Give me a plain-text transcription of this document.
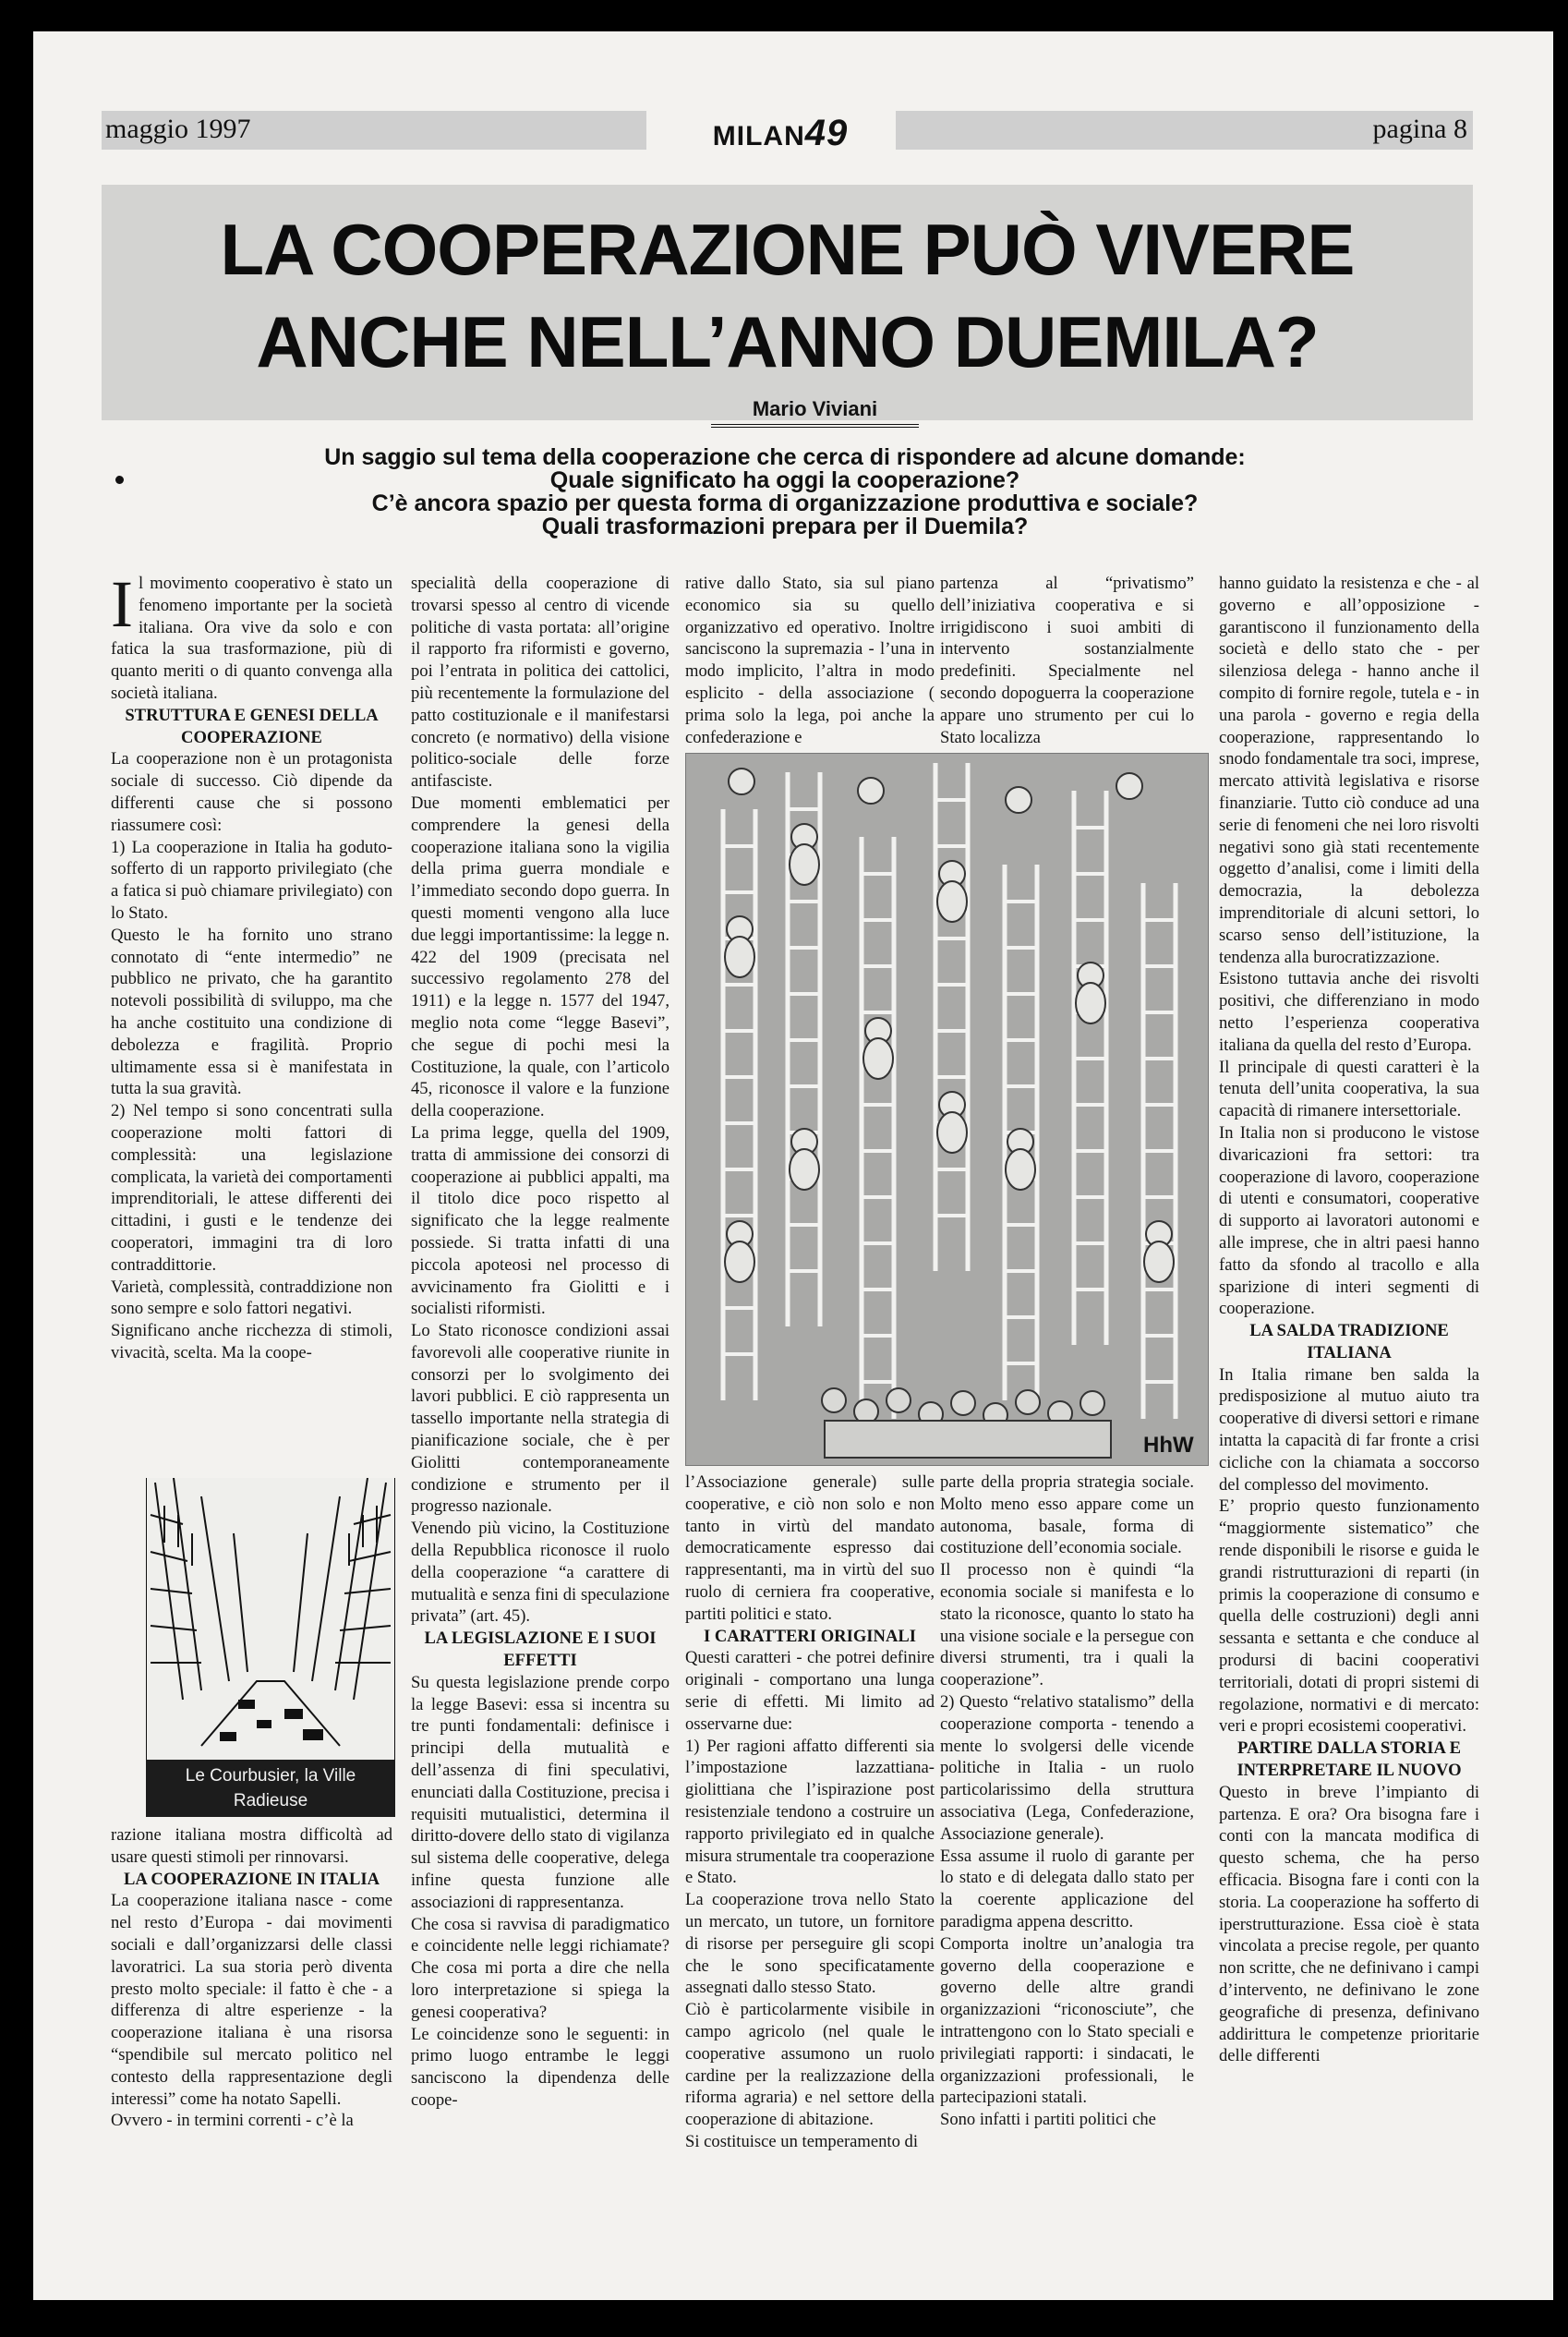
maggio 1997	MILAN49	pagina 8
LA COOPERAZIONE PUÒ VIVERE
ANCHE NELL’ANNO DUEMILA?
Mario Viviani
Un saggio sul tema della cooperazione che cerca di rispondere ad alcune domande:
Quale significato ha oggi la cooperazione?
C’è ancora spazio per questa forma di organizzazione produttiva e sociale?
Quali trasformazioni prepara per il Duemila?

Il movimento cooperativo è stato un fenomeno importante per la società italiana. Ora vive da solo e con fatica la sua trasformazione, più di quanto meriti o di quanto convenga alla società italiana.

STRUTTURA E GENESI DELLA COOPERAZIONE

La cooperazione non è un protagonista sociale di successo. Ciò dipende da differenti cause che si possono riassumere così:

1) La cooperazione in Italia ha goduto-sofferto di un rapporto privilegiato (che a fatica si può chiamare privilegiato) con lo Stato.

Questo le ha fornito uno strano connotato di “ente intermedio” ne pubblico ne privato, che ha garantito notevoli possibilità di sviluppo, ma che ha anche costituito una condizione di debolezza e fragilità. Proprio ultimamente essa si è manifestata in tutta la sua gravità.

2) Nel tempo si sono concentrati sulla cooperazione molti fattori di complessità: una legislazione complicata, la varietà dei comportamenti imprenditoriali, le attese differenti dei cittadini, i gusti e le tendenze dei cooperatori, immagini tra di loro contraddittorie.

Varietà, complessità, contraddizione non sono sempre e solo fattori negativi.

Significano anche ricchezza di stimoli, vivacità, scelta. Ma la coope-

Le Courbusier, la Ville
Radieuse

razione italiana mostra difficoltà ad usare questi stimoli per rinnovarsi.

LA COOPERAZIONE IN ITALIA

La cooperazione italiana nasce - come nel resto d’Europa - dai movimenti sociali e dall’organizzarsi delle classi lavoratrici. La sua storia però diventa presto molto speciale: il fatto è che - a differenza di altre esperienze - la cooperazione italiana è una risorsa “spendibile sul mercato politico nel contesto della rappresentazione degli interessi” come ha notato Sapelli.

Ovvero - in termini correnti - c’è la

specialità della cooperazione di trovarsi spesso al centro di vicende politiche di vasta portata: all’origine il rapporto fra riformisti e governo, poi l’entrata in politica dei cattolici, più recentemente la formulazione del patto costituzionale e il manifestarsi concreto (e normativo) della visione politico-sociale delle forze antifasciste.

Due momenti emblematici per comprendere la genesi della cooperazione italiana sono la vigilia della prima guerra mondiale e l’immediato secondo dopo guerra. In questi momenti vengono alla luce due leggi importantissime: la legge n. 422 del 1909 (precisata nel successivo regolamento 278 del 1911) e la legge n. 1577 del 1947, meglio nota come “legge Basevi”, che segue di pochi mesi la Costituzione, la quale, con l’articolo 45, riconosce il valore e la funzione della cooperazione.

La prima legge, quella del 1909, tratta di ammissione dei consorzi di cooperazione ai pubblici appalti, ma il titolo dice poco rispetto al significato che la legge realmente possiede. Si tratta infatti di una piccola apoteosi nel processo di avvicinamento fra Giolitti e i socialisti riformisti.

Lo Stato riconosce condizioni assai favorevoli alle cooperative riunite in consorzi per lo svolgimento dei lavori pubblici. E ciò rappresenta un tassello importante nella strategia di pianificazione sociale, che è per Giolitti contemporaneamente condizione e strumento per il progresso nazionale.

Venendo più vicino, la Costituzione della Repubblica riconosce il ruolo della cooperazione “a carattere di mutualità e senza fini di speculazione privata” (art. 45).

LA LEGISLAZIONE E I SUOI EFFETTI

Su questa legislazione prende corpo la legge Basevi: essa si incentra su tre punti fondamentali: definisce i principi della mutualità e dell’assenza di fini speculativi, enunciati dalla Costituzione, precisa i requisiti mutualistici, determina il diritto-dovere dello stato di vigilanza sul sistema delle cooperative, delega infine questa funzione alle associazioni di rappresentanza.

Che cosa si ravvisa di paradigmatico e coincidente nelle leggi richiamate? Che cosa mi porta a dire che nella loro interpretazione si spiega la genesi cooperativa?

Le coincidenze sono le seguenti: in primo luogo entrambe le leggi sanciscono la dipendenza delle coope-

rative dallo Stato, sia sul piano economico sia su quello organizzativo ed operativo. Inoltre sanciscono la supremazia - l’una in modo implicito, l’altra in modo esplicito - della associazione ( prima solo la lega, poi anche la confederazione e

partenza al “privatismo” dell’iniziativa cooperativa e si irrigidiscono i suoi ambiti di intervento sostanzialmente predefiniti. Specialmente nel secondo dopoguerra la cooperazione appare uno strumento per cui lo Stato localizza

HhW

l’Associazione generale) sulle cooperative, e ciò non solo e non tanto in virtù del mandato democraticamente espresso dai rappresentanti, ma in virtù del suo ruolo di cerniera fra cooperative, partiti politici e stato.

I CARATTERI ORIGINALI

Questi caratteri - che potrei definire originali - comportano una lunga serie di effetti. Mi limito ad osservarne due:

1) Per ragioni affatto differenti sia l’impostazione lazzattiana-giolittiana che l’ispirazione post resistenziale tendono a costruire un rapporto privilegiato ed in qualche misura strumentale tra cooperazione e Stato.

La cooperazione trova nello Stato un mercato, un tutore, un fornitore di risorse per perseguire gli scopi che le sono specificatamente assegnati dallo stesso Stato.

Ciò è particolarmente visibile in campo agricolo (nel quale le cooperative assumono un ruolo cardine per la realizzazione della riforma agraria) e nel settore della cooperazione di abitazione.

Si costituisce un temperamento di

parte della propria strategia sociale. Molto meno esso appare come un autonoma, basale, forma di costituzione dell’economia sociale.

Il processo non è quindi “la economia sociale si manifesta e lo stato la riconosce, quanto lo stato ha una visione sociale e la persegue con diversi strumenti, tra i quali la cooperazione”.

2) Questo “relativo statalismo” della cooperazione comporta - tenendo a mente lo svolgersi delle vicende politiche in Italia - un ruolo particolarissimo della struttura associativa (Lega, Confederazione, Associazione generale).

Essa assume il ruolo di garante per lo stato e di delegata dallo stato per la coerente applicazione del paradigma appena descritto.

Comporta inoltre un’analogia tra governo della cooperazione e governo delle altre grandi organizzazioni “riconosciute”, che intrattengono con lo Stato speciali e privilegiati rapporti: i sindacati, le organizzazioni professionali, le partecipazioni statali.

Sono infatti i partiti politici che

hanno guidato la resistenza e che - al governo e all’opposizione - garantiscono il funzionamento della società e dello stato che - per silenziosa delega - hanno anche il compito di fornire regole, tutela e - in una parola - governo e regia della cooperazione, rappresentando lo snodo fondamentale tra soci, imprese, mercato attività legislativa e risorse finanziarie. Tutto ciò conduce ad una serie di fenomeni che nei loro risvolti negativi sono già stati recentemente oggetto d’analisi, come i limiti della democrazia, la debolezza imprenditoriale di alcuni settori, lo scarso senso dell’istituzione, la tendenza alla burocratizzazione.

Esistono tuttavia anche dei risvolti positivi, che differenziano in modo netto l’esperienza cooperativa italiana da quella del resto d’Europa.

Il principale di questi caratteri è la tenuta dell’unita cooperativa, la sua capacità di rimanere intersettoriale.

In Italia non si producono le vistose divaricazioni fra settori: tra cooperazione di lavoro, cooperazione di utenti e consumatori, cooperative di supporto ai lavoratori autonomi e alle imprese, che in altri paesi hanno fatto da sfondo al tracollo e alla sparizione di interi segmenti di cooperazione.

LA SALDA TRADIZIONE ITALIANA

In Italia rimane ben salda la predisposizione al mutuo aiuto tra cooperative di diversi settori e rimane intatta la capacità di far fronte a crisi cicliche con la chiamata a soccorso del complesso del movimento.

E’ proprio questo funzionamento “maggiormente sistematico” che rende disponibili le risorse e guida le grandi ristrutturazioni di reparti (in primis la cooperazione di consumo e quella delle costruzioni) degli anni sessanta e settanta e che conduce al prodursi di bacini cooperativi territoriali, dotati di propri sistemi di regolazione, normativi e di mercato: veri e propri ecosistemi cooperativi.

PARTIRE DALLA STORIA E INTERPRETARE IL NUOVO

Questo in breve l’impianto di partenza. E ora? Ora bisogna fare i conti con la mancata modifica di questo schema, che ha perso efficacia. Bisogna fare i conti con la storia. La cooperazione ha sofferto di iperstrutturazione. Essa cioè è stata vincolata a precise regole, per quanto non scritte, che ne definivano i campi d’intervento, ne definivano le zone geografiche di presenza, definivano addirittura le competenze prioritarie delle differenti
